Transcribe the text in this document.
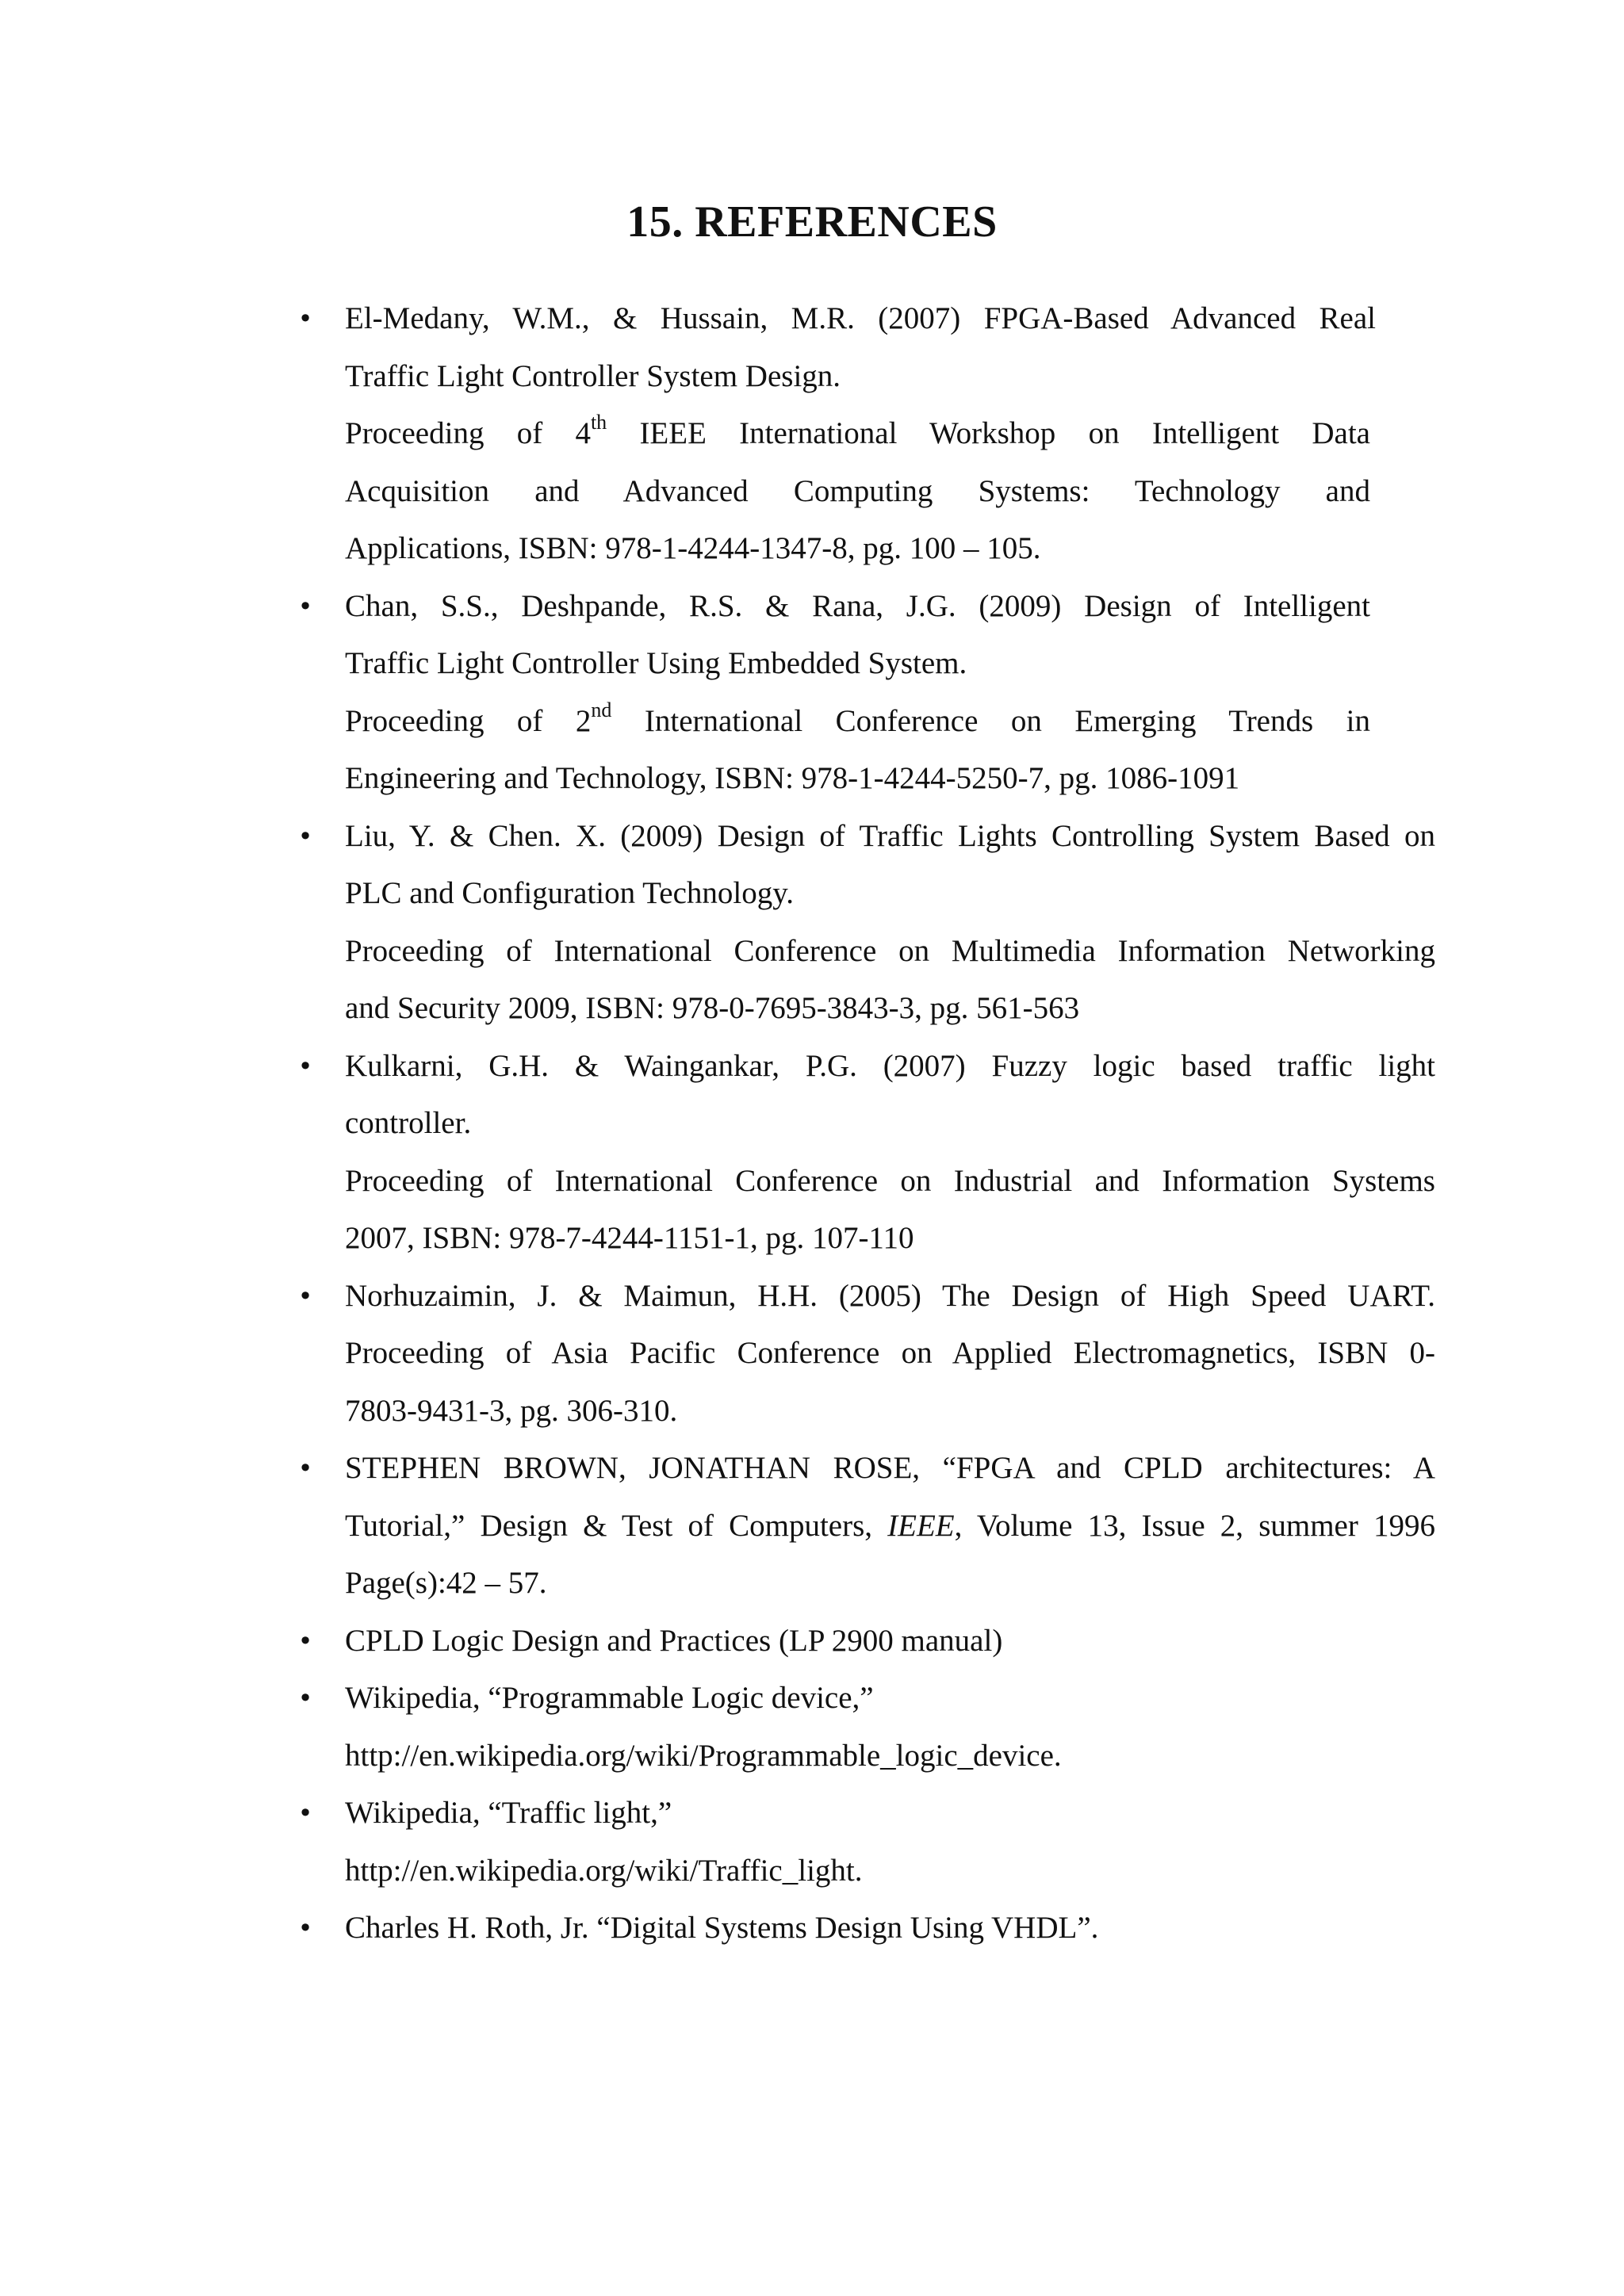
15. REFERENCES
• El-Medany, W.M., & Hussain, M.R. (2007) FPGA-Based Advanced Real
Traffic Light Controller System Design.
Proceeding of 4th IEEE International Workshop on Intelligent Data
Acquisition and Advanced Computing Systems: Technology and
Applications, ISBN: 978-1-4244-1347-8, pg. 100 – 105.
• Chan, S.S., Deshpande, R.S. & Rana, J.G. (2009) Design of Intelligent
Traffic Light Controller Using Embedded System.
Proceeding of 2nd International Conference on Emerging Trends in
Engineering and Technology, ISBN: 978-1-4244-5250-7, pg. 1086-1091
• Liu, Y. & Chen. X. (2009) Design of Traffic Lights Controlling System Based on
PLC and Configuration Technology.
Proceeding of International Conference on Multimedia Information Networking
and Security 2009, ISBN: 978-0-7695-3843-3, pg. 561-563
• Kulkarni, G.H. & Waingankar, P.G. (2007) Fuzzy logic based traffic light
controller.
Proceeding of International Conference on Industrial and Information Systems
2007, ISBN: 978-7-4244-1151-1, pg. 107-110
• Norhuzaimin, J. & Maimun, H.H. (2005) The Design of High Speed UART.
Proceeding of Asia Pacific Conference on Applied Electromagnetics, ISBN 0-
7803-9431-3, pg. 306-310.
• STEPHEN BROWN, JONATHAN ROSE, “FPGA and CPLD architectures: A
Tutorial,” Design & Test of Computers, IEEE, Volume 13, Issue 2, summer 1996
Page(s):42 – 57.
• CPLD Logic Design and Practices (LP 2900 manual)
• Wikipedia, “Programmable Logic device,”
http://en.wikipedia.org/wiki/Programmable_logic_device.
• Wikipedia, “Traffic light,”
http://en.wikipedia.org/wiki/Traffic_light.
• Charles H. Roth, Jr. “Digital Systems Design Using VHDL”.
